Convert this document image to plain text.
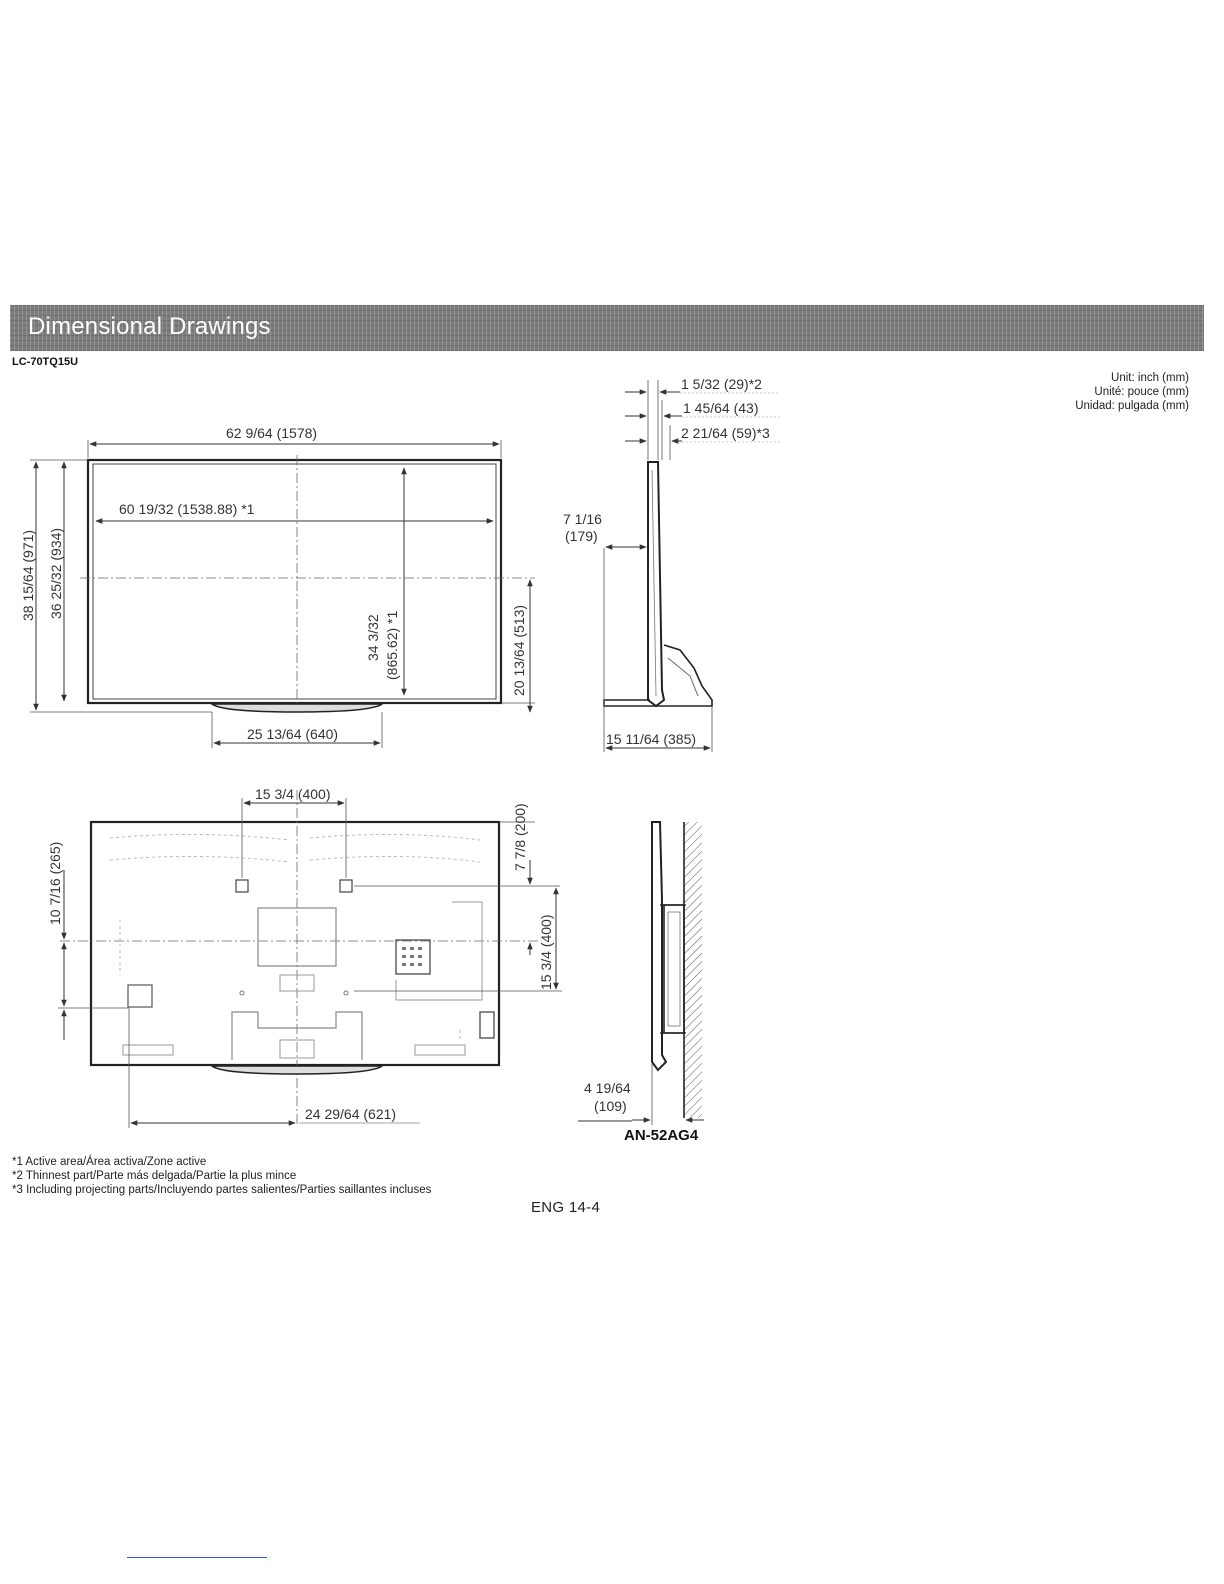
Dimensional Drawings
LC-70TQ15U
Unit: inch (mm)
Unité: pouce (mm)
Unidad: pulgada (mm)
62 9/64 (1578)
60 19/32 (1538.88) *1
38 15/64 (971) 36 25/32 (934)
34 3/32 (865.62) *1	20 13/64 (513)
25 13/64 (640)
1 5/32 (29)*2
1 45/64 (43)
2 21/64 (59)*3
7 1/16
(179)
15 11/64 (385)
15 3/4 (400)
7 7/8 (200)
15 3/4 (400)
10 7/16 (265)
24 29/64 (621)
4 19/64
(109)
AN-52AG4
*1 Active area/Área activa/Zone active
*2 Thinnest part/Parte más delgada/Partie la plus mince
*3 Including projecting parts/Incluyendo partes salientes/Parties saillantes incluses
ENG 14-4
